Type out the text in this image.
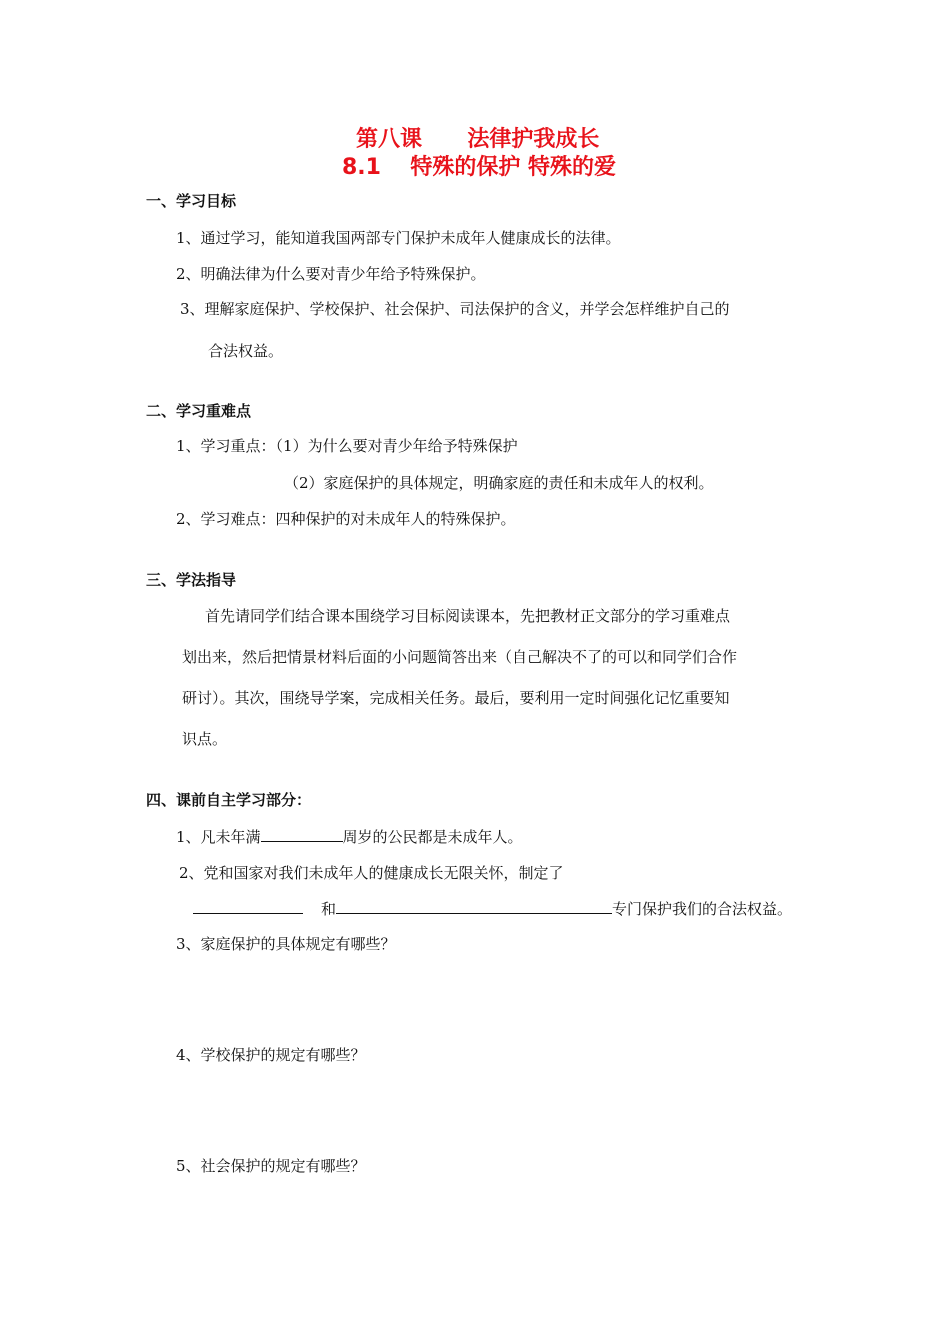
第八课 法律护我成长
8.1 特殊的保护 特殊的爱
一、学习目标
1、通过学习，能知道我国两部专门保护未成年人健康成长的法律。
2、明确法律为什么要对青少年给予特殊保护。
3、理解家庭保护、学校保护、社会保护、司法保护的含义，并学会怎样维护自己的
合法权益。
二、学习重难点
1、学习重点：（1）为什么要对青少年给予特殊保护
（2）家庭保护的具体规定，明确家庭的责任和未成年人的权利。
2、学习难点：四种保护的对未成年人的特殊保护。
三、学法指导
首先请同学们结合课本围绕学习目标阅读课本，先把教材正文部分的学习重难点
划出来，然后把情景材料后面的小问题简答出来（自己解决不了的可以和同学们合作
研讨）。其次，围绕导学案，完成相关任务。最后，要利用一定时间强化记忆重要知
识点。
四、课前自主学习部分：
1、凡未年满	周岁的公民都是未成年人。
2、党和国家对我们未成年人的健康成长无限关怀，制定了
和	专门保护我们的合法权益。
3、家庭保护的具体规定有哪些？
4、学校保护的规定有哪些？
5、社会保护的规定有哪些？
